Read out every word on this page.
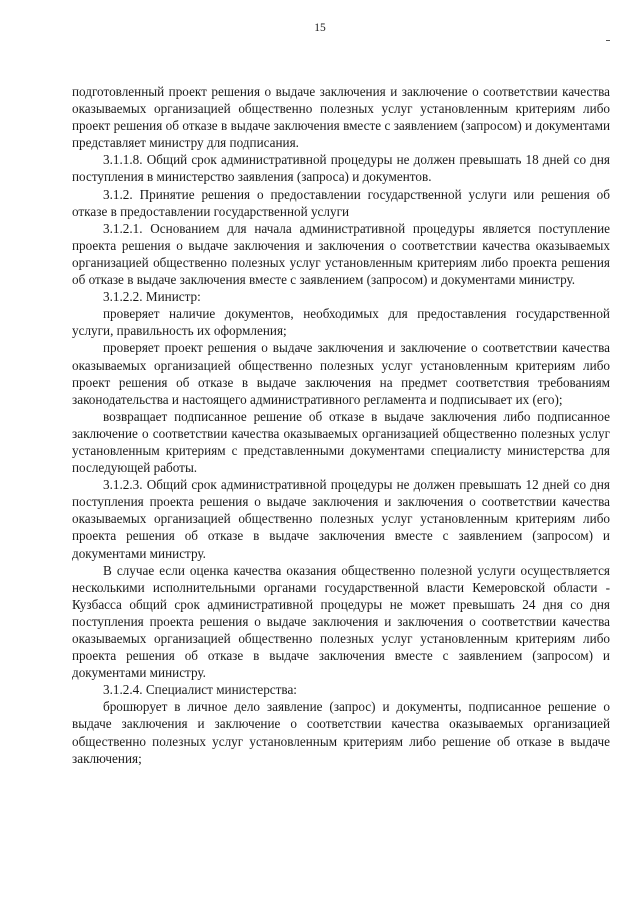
15

подготовленный проект решения о выдаче заключения и заключение о соответствии качества оказываемых организацией общественно полезных услуг установленным критериям либо проект решения об отказе в выдаче заключения вместе с заявлением (запросом) и документами представляет министру для подписания.

3.1.1.8. Общий срок административной процедуры не должен превышать 18 дней со дня поступления в министерство заявления (запроса) и документов.

3.1.2. Принятие решения о предоставлении государственной услуги или решения об отказе в предоставлении государственной услуги

3.1.2.1. Основанием для начала административной процедуры является поступление проекта решения о выдаче заключения и заключения о соответствии качества оказываемых организацией общественно полезных услуг установленным критериям либо проекта решения об отказе в выдаче заключения вместе с заявлением (запросом) и документами министру.

3.1.2.2. Министр:

проверяет наличие документов, необходимых для предоставления государственной услуги, правильность их оформления;

проверяет проект решения о выдаче заключения и заключение о соответствии качества оказываемых организацией общественно полезных услуг установленным критериям либо проект решения об отказе в выдаче заключения на предмет соответствия требованиям законодательства и настоящего административного регламента и подписывает их (его);

возвращает подписанное решение об отказе в выдаче заключения либо подписанное заключение о соответствии качества оказываемых организацией общественно полезных услуг установленным критериям с представленными документами специалисту министерства для последующей работы.

3.1.2.3. Общий срок административной процедуры не должен превышать 12 дней со дня поступления проекта решения о выдаче заключения и заключения о соответствии качества оказываемых организацией общественно полезных услуг установленным критериям либо проекта решения об отказе в выдаче заключения вместе с заявлением (запросом) и документами министру.

В случае если оценка качества оказания общественно полезной услуги осуществляется несколькими исполнительными органами государственной власти Кемеровской области - Кузбасса общий срок административной процедуры не может превышать 24 дня со дня поступления проекта решения о выдаче заключения и заключения о соответствии качества оказываемых организацией общественно полезных услуг установленным критериям либо проекта решения об отказе в выдаче заключения вместе с заявлением (запросом) и документами министру.

3.1.2.4. Специалист министерства:

брошюрует в личное дело заявление (запрос) и документы, подписанное решение о выдаче заключения и заключение о соответствии качества оказываемых организацией общественно полезных услуг установленным критериям либо решение об отказе в выдаче заключения;
